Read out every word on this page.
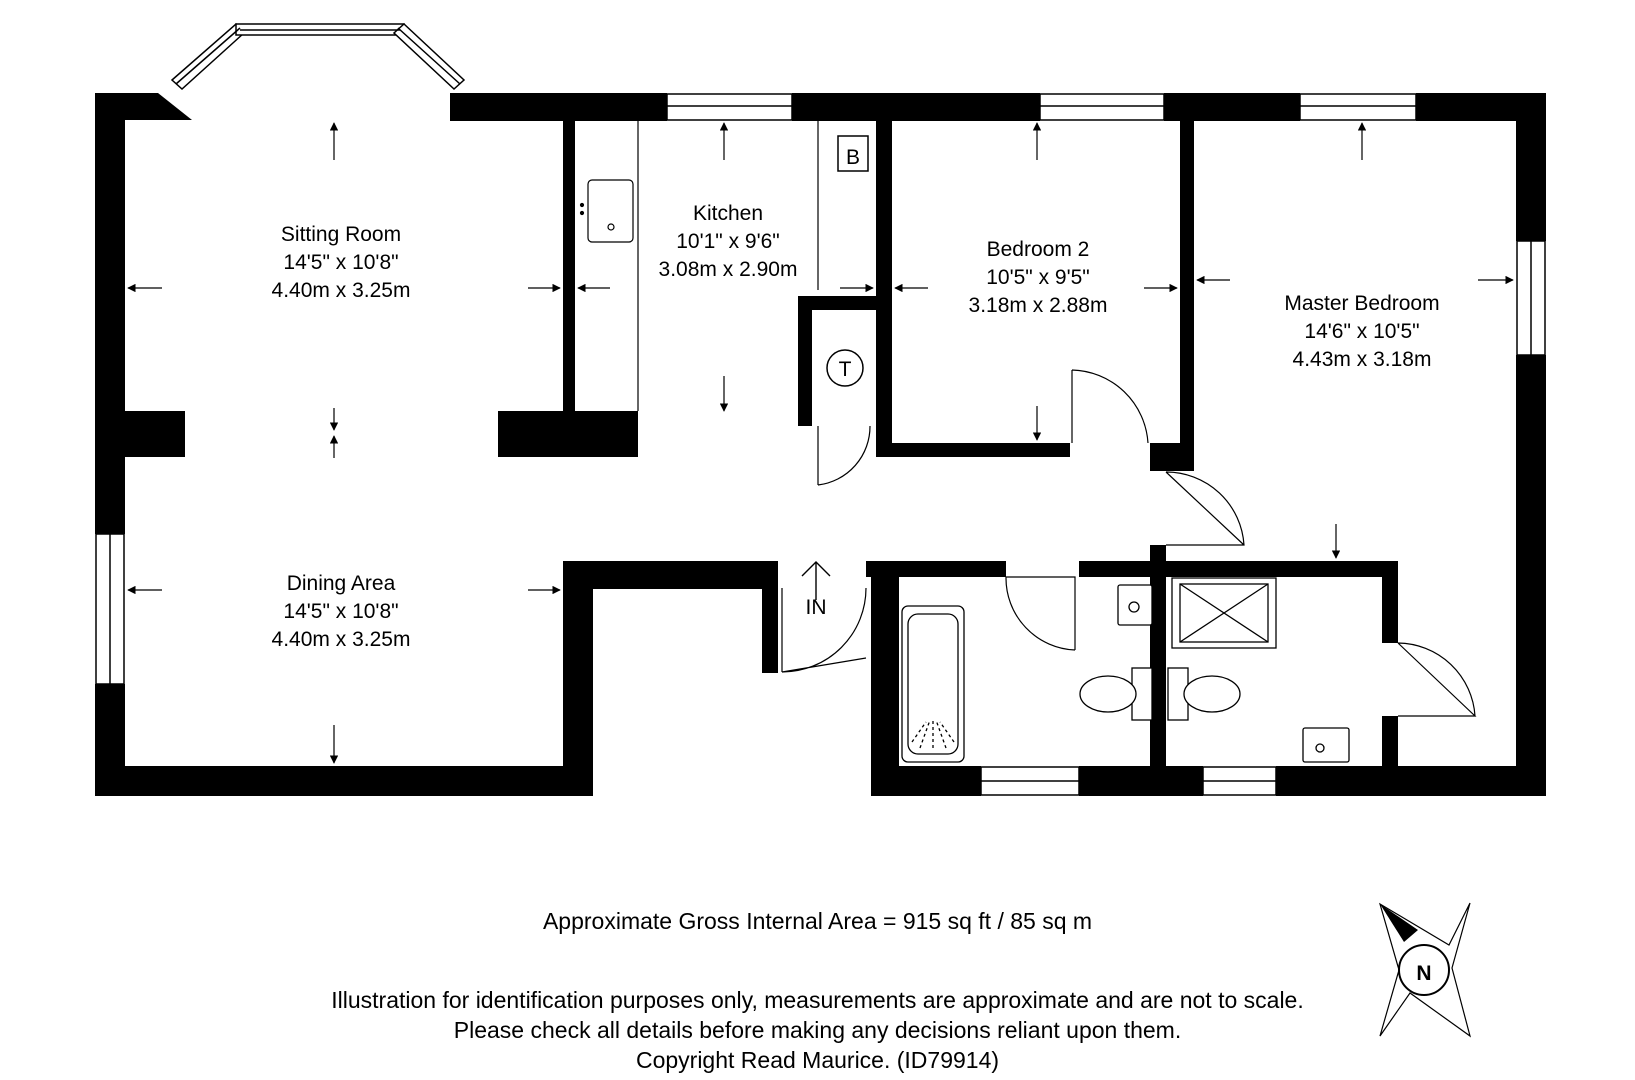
B
T
IN
Sitting Room
14'5" x 10'8"
4.40m x 3.25m
Kitchen
10'1" x 9'6"
3.08m x 2.90m
Bedroom 2
10'5" x 9'5"
3.18m x 2.88m	Master Bedroom
14'6" x 10'5"
4.43m x 3.18m
Dining Area
14'5" x 10'8"
4.40m x 3.25m
N
Approximate Gross Internal Area = 915 sq ft / 85 sq m
Illustration for identification purposes only, measurements are approximate and are not to scale.
Please check all details before making any decisions reliant upon them.
Copyright Read Maurice. (ID79914)
